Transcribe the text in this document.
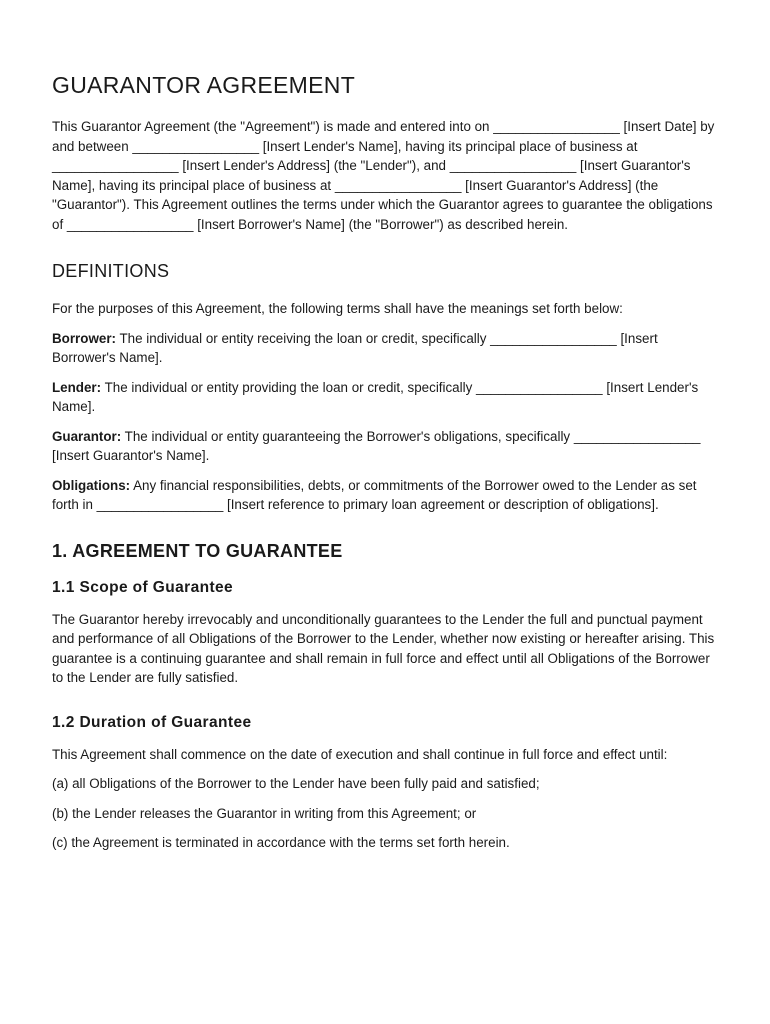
GUARANTOR AGREEMENT

This Guarantor Agreement (the "Agreement") is made and entered into on _________________ [Insert Date] by and between _________________ [Insert Lender's Name], having its principal place of business at _________________ [Insert Lender's Address] (the "Lender"), and _________________ [Insert Guarantor's Name], having its principal place of business at _________________ [Insert Guarantor's Address] (the "Guarantor"). This Agreement outlines the terms under which the Guarantor agrees to guarantee the obligations of _________________ [Insert Borrower's Name] (the "Borrower") as described herein.

DEFINITIONS

For the purposes of this Agreement, the following terms shall have the meanings set forth below:

Borrower: The individual or entity receiving the loan or credit, specifically _________________ [Insert Borrower's Name].

Lender: The individual or entity providing the loan or credit, specifically _________________ [Insert Lender's Name].

Guarantor: The individual or entity guaranteeing the Borrower's obligations, specifically _________________ [Insert Guarantor's Name].

Obligations: Any financial responsibilities, debts, or commitments of the Borrower owed to the Lender as set forth in _________________ [Insert reference to primary loan agreement or description of obligations].

1. AGREEMENT TO GUARANTEE
1.1 Scope of Guarantee

The Guarantor hereby irrevocably and unconditionally guarantees to the Lender the full and punctual payment and performance of all Obligations of the Borrower to the Lender, whether now existing or hereafter arising. This guarantee is a continuing guarantee and shall remain in full force and effect until all Obligations of the Borrower to the Lender are fully satisfied.

1.2 Duration of Guarantee

This Agreement shall commence on the date of execution and shall continue in full force and effect until:

(a) all Obligations of the Borrower to the Lender have been fully paid and satisfied;

(b) the Lender releases the Guarantor in writing from this Agreement; or

(c) the Agreement is terminated in accordance with the terms set forth herein.
